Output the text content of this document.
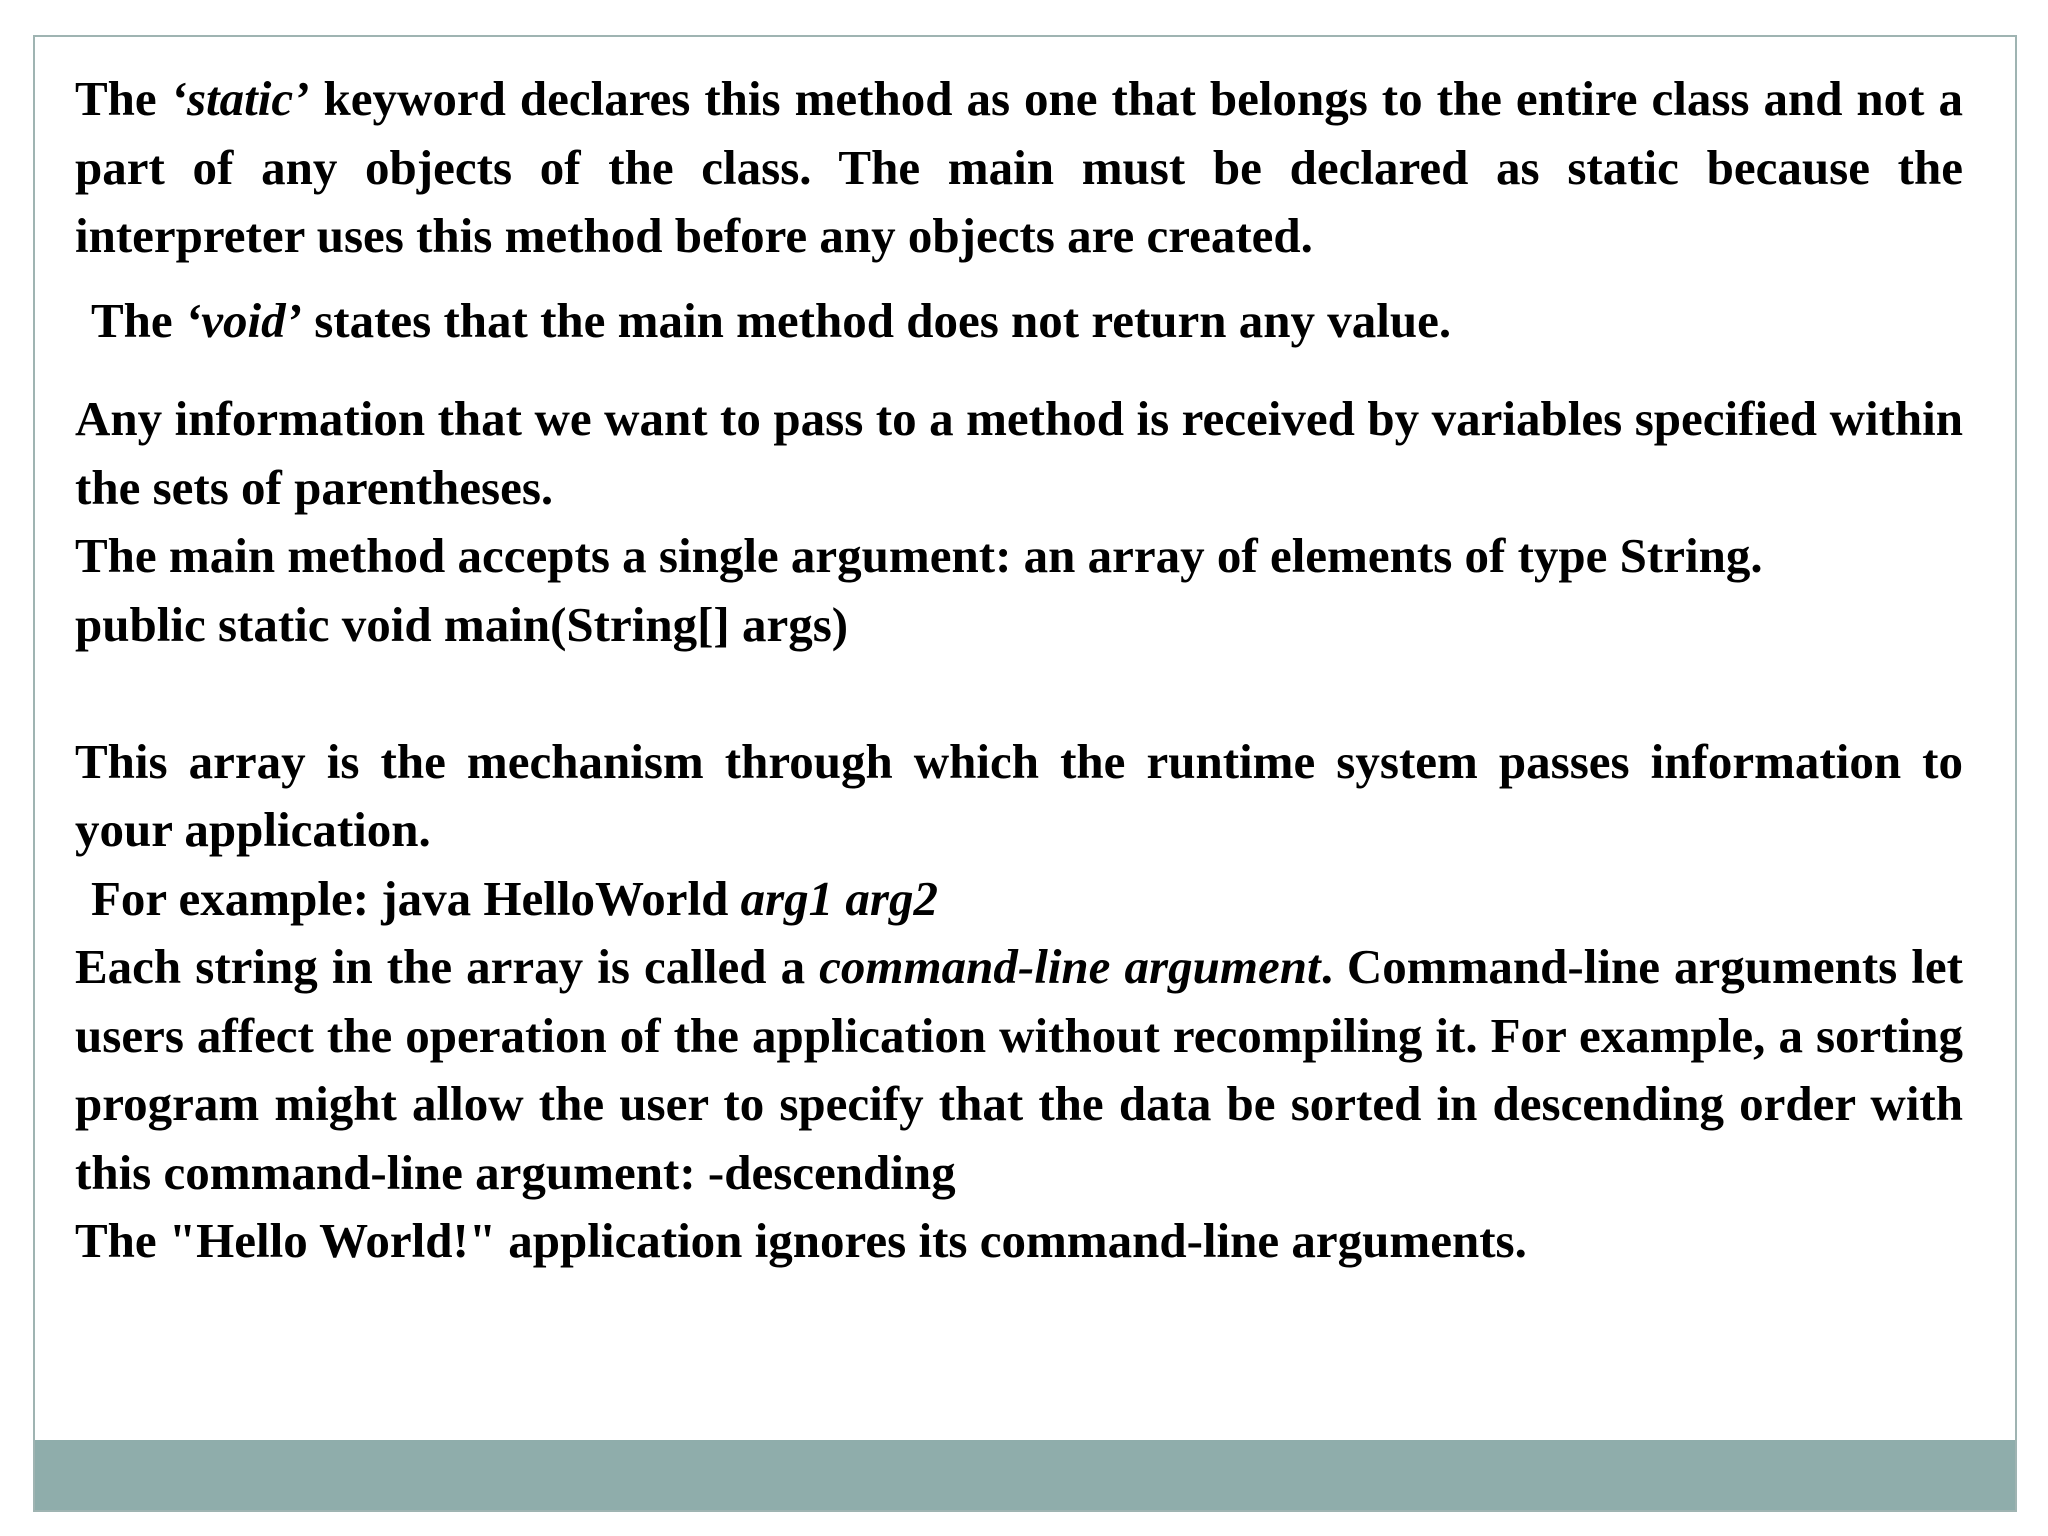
The ‘static’ keyword declares this method as one that belongs to the entire class and not a part of any objects of the class. The main must be declared as static because the interpreter uses this method before any objects are created.

The ‘void’ states that the main method does not return any value.

Any information that we want to pass to a method is received by variables specified within the sets of parentheses.

The main method accepts a single argument: an array of elements of type String.

public static void main(String[] args)

This array is the mechanism through which the runtime system passes information to your application.

For example: java HelloWorld arg1 arg2

Each string in the array is called a command-line argument. Command-line arguments let users affect the operation of the application without recompiling it. For example, a sorting program might allow the user to specify that the data be sorted in descending order with this command-line argument: -descending

The "Hello World!" application ignores its command-line arguments.
